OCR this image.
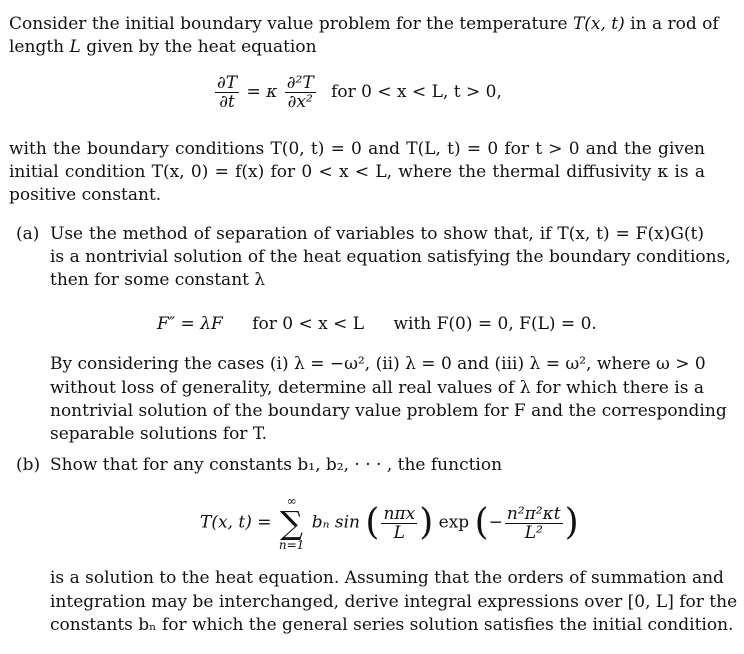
Consider the initial boundary value problem for the temperature T(x, t) in a rod of
length L given by the heat equation
$\frac{\partial T}{\partial t} = \kappa \frac{\text{∂²T}}{\text{∂x²}}$ for 0 < x < L, t > 0,
with the boundary conditions T(0, t) = 0 and T(L, t) = 0 for t > 0 and the given
initial condition T(x, 0) = f(x) for 0 < x < L, where the thermal diffusivity κ is a
positive constant.
(a) Use the method of separation of variables to show that, if T(x, t) = F(x)G(t)
is a nontrivial solution of the heat equation satisfying the boundary conditions,
then for some constant λ
F″ = λF for 0 < x < L with F(0) = 0, F(L) = 0.
By considering the cases (i) λ = −ω², (ii) λ = 0 and (iii) λ = ω², where ω > 0
without loss of generality, determine all real values of λ for which there is a
nontrivial solution of the boundary value problem for F and the corresponding
separable solutions for T.
(b) Show that for any constants b₁, b₂, · · · , the function
T(x, t) =
∞
∑
n=1
bₙ sin ( $\frac{\text{nπx}}{L}$ ) exp (− $\frac{\text{n²π²κt}}{\text{L²}}$ )
is a solution to the heat equation. Assuming that the orders of summation and
integration may be interchanged, derive integral expressions over [0, L] for the
constants bₙ for which the general series solution satisfies the initial condition.
